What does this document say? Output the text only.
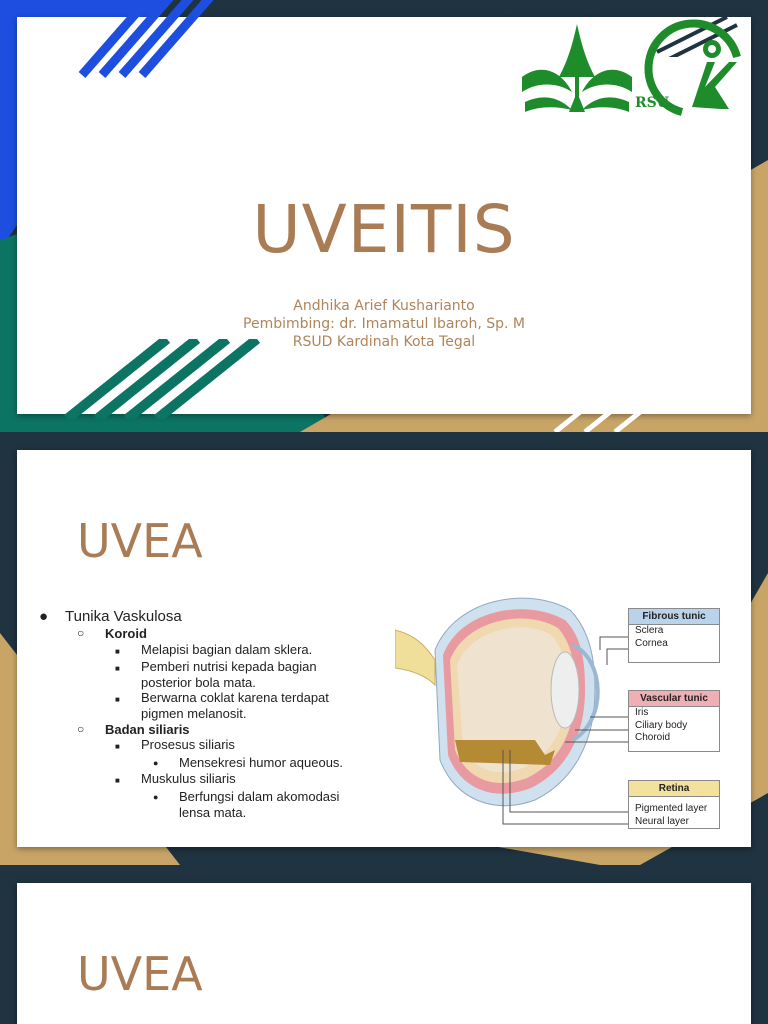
RSU
UVEITIS
Andhika Arief Kusharianto
Pembimbing: dr. Imamatul Ibaroh, Sp. M
RSUD Kardinah Kota Tegal
UVEA
●	Tunika Vaskulosa
○	Koroid
■	Melapisi bagian dalam sklera.
■	Pemberi nutrisi kepada bagian posterior bola mata.
■	Berwarna coklat karena terdapat pigmen melanosit.
○	Badan siliaris
■	Prosesus siliaris
●	Mensekresi humor aqueous.
■	Muskulus siliaris
●	Berfungsi dalam akomodasi lensa mata.
Fibrous tunic
Sclera
Cornea
Vascular tunic
Iris
Ciliary body
Choroid
Retina
Pigmented layer
Neural layer
UVEA
